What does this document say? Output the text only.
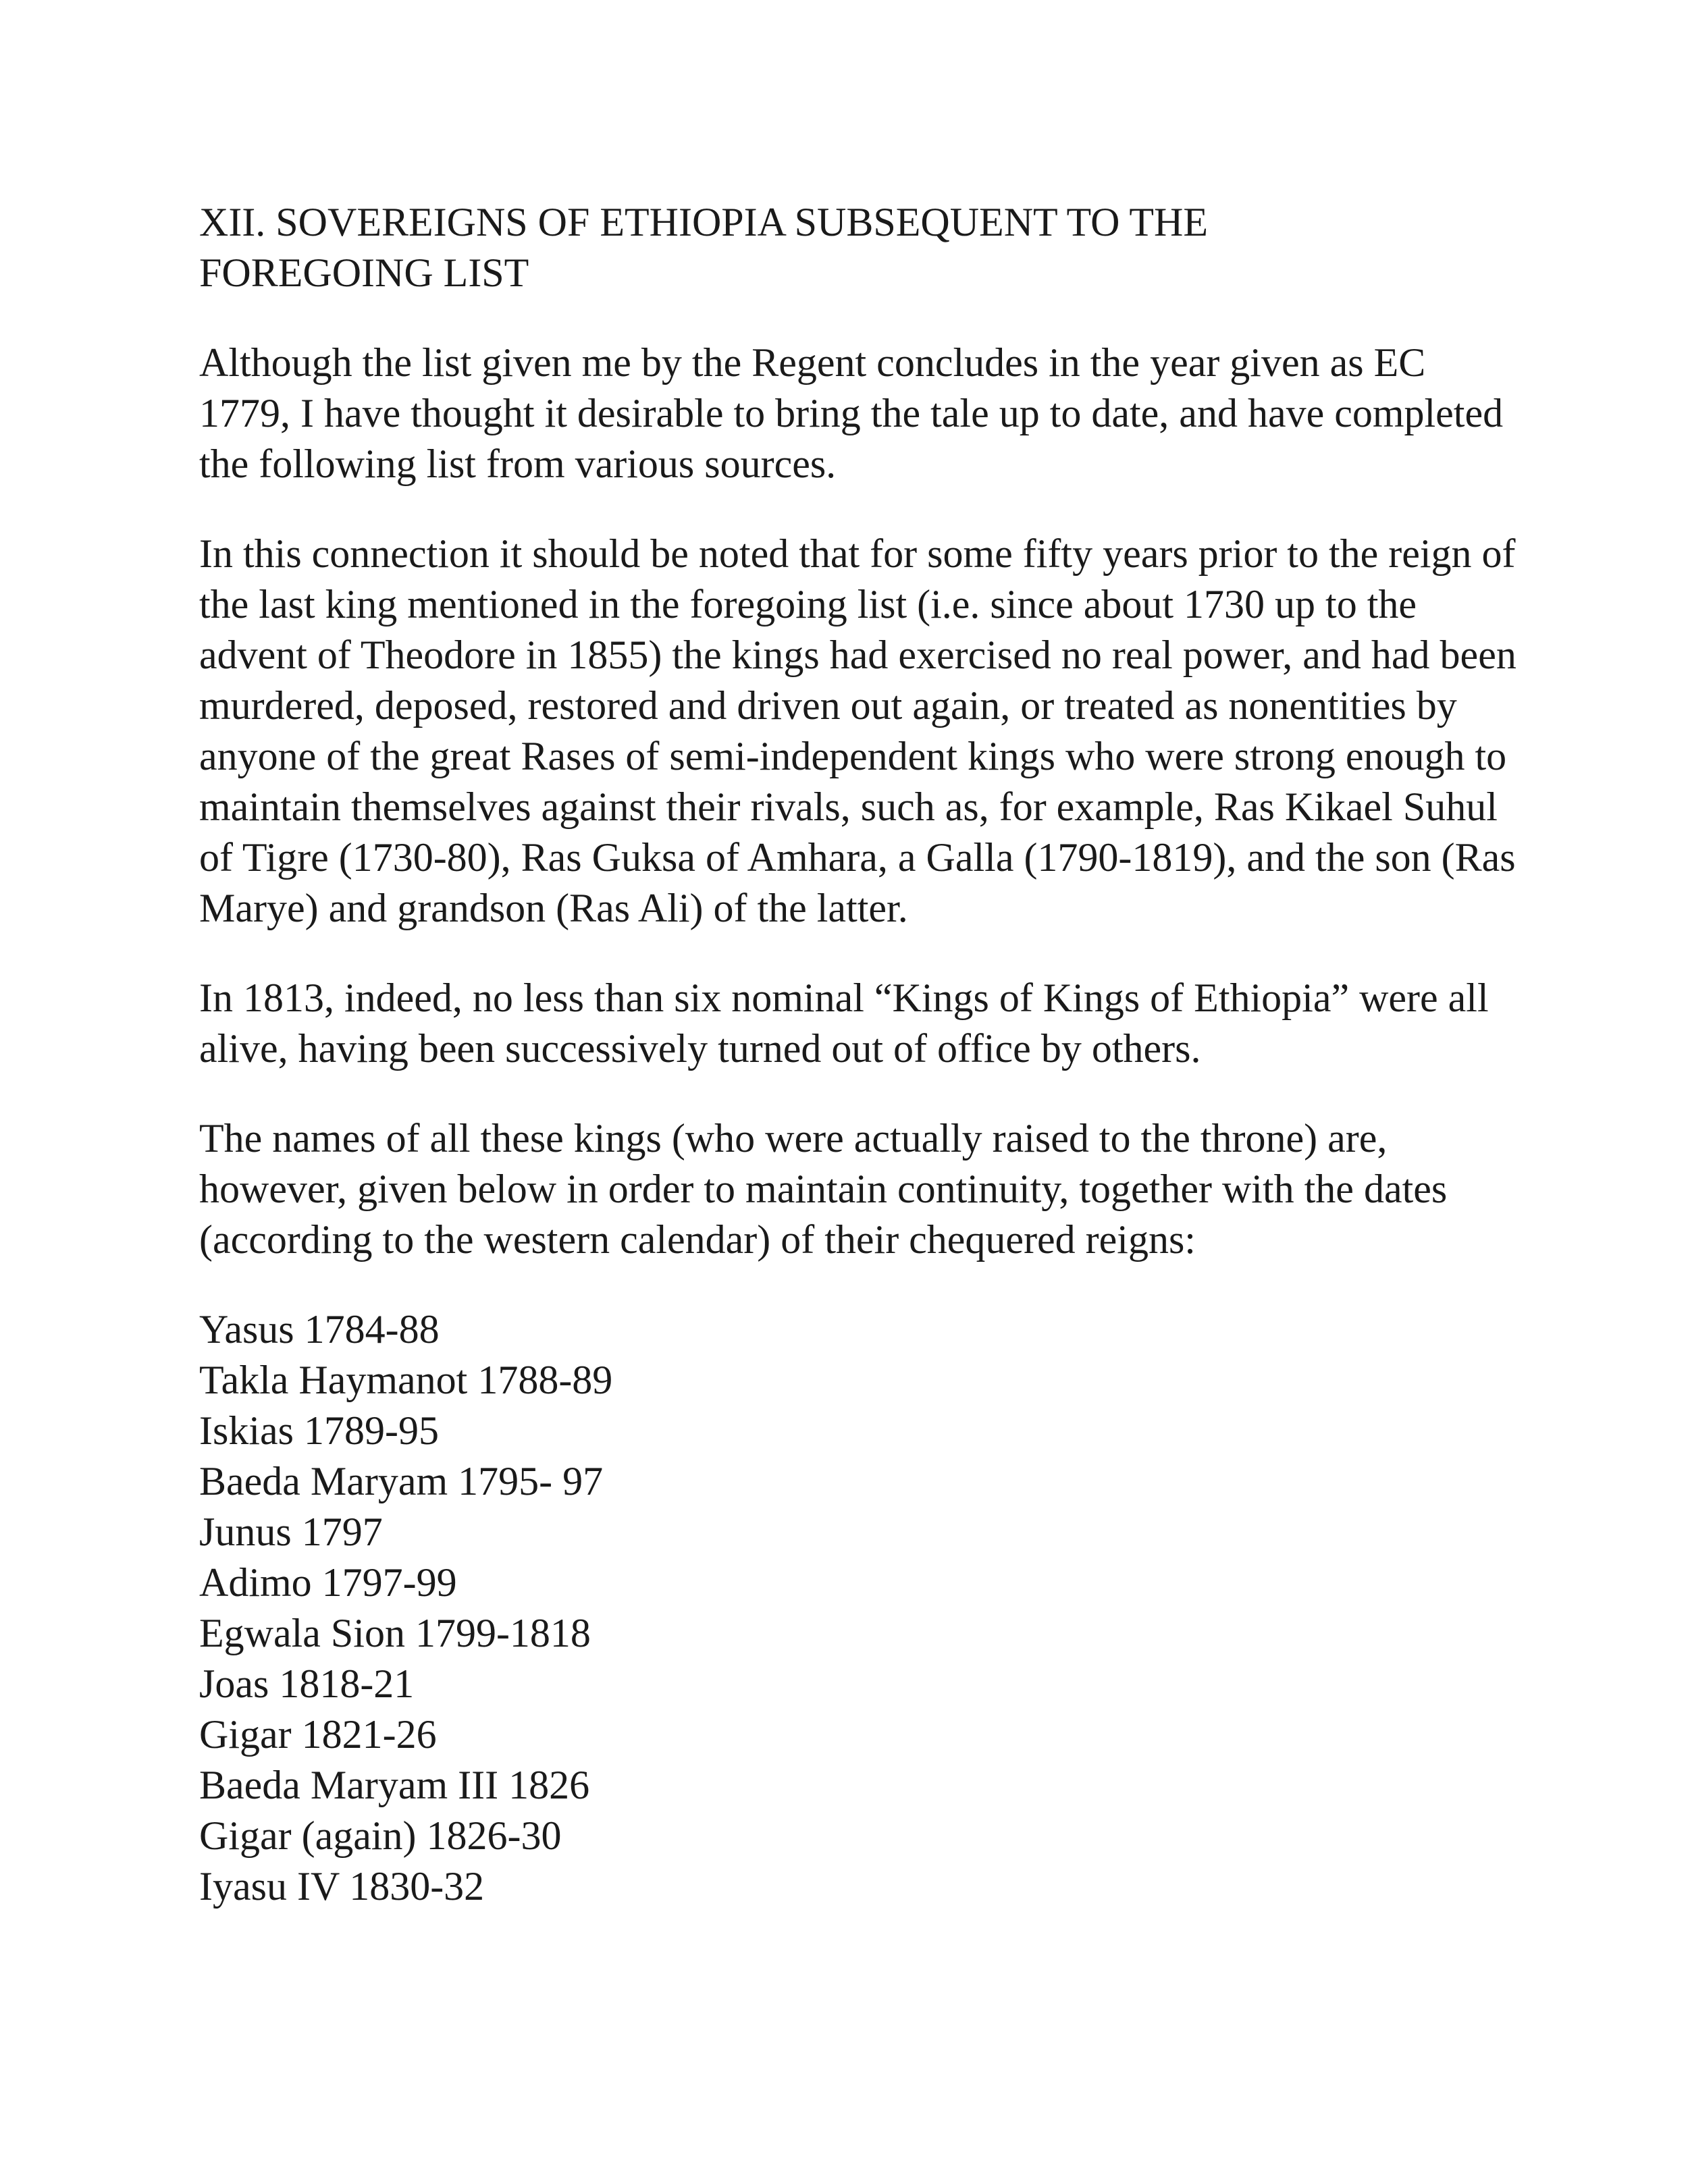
XII. SOVEREIGNS OF ETHIOPIA SUBSEQUENT TO THE
FOREGOING LIST

Although the list given me by the Regent concludes in the year given as EC 1779, I have thought it desirable to bring the tale up to date, and have completed the following list from various sources.

In this connection it should be noted that for some fifty years prior to the reign of the last king mentioned in the foregoing list (i.e. since about 1730 up to the advent of Theodore in 1855) the kings had exercised no real power, and had been murdered, deposed, restored and driven out again, or treated as nonentities by anyone of the great Rases of semi-independent kings who were strong enough to maintain themselves against their rivals, such as, for example, Ras Kikael Suhul of Tigre (1730-80), Ras Guksa of Amhara, a Galla (1790-1819), and the son (Ras Marye) and grandson (Ras Ali) of the latter.

In 1813, indeed, no less than six nominal “Kings of Kings of Ethiopia” were all alive, having been successively turned out of office by others.

The names of all these kings (who were actually raised to the throne) are, however, given below in order to maintain continuity, together with the dates (according to the western calendar) of their chequered reigns:

Yasus 1784-88
Takla Haymanot 1788-89
Iskias 1789-95
Baeda Maryam 1795- 97
Junus 1797
Adimo 1797-99
Egwala Sion 1799-1818
Joas 1818-21
Gigar 1821-26
Baeda Maryam III 1826
Gigar (again) 1826-30
Iyasu IV 1830-32
